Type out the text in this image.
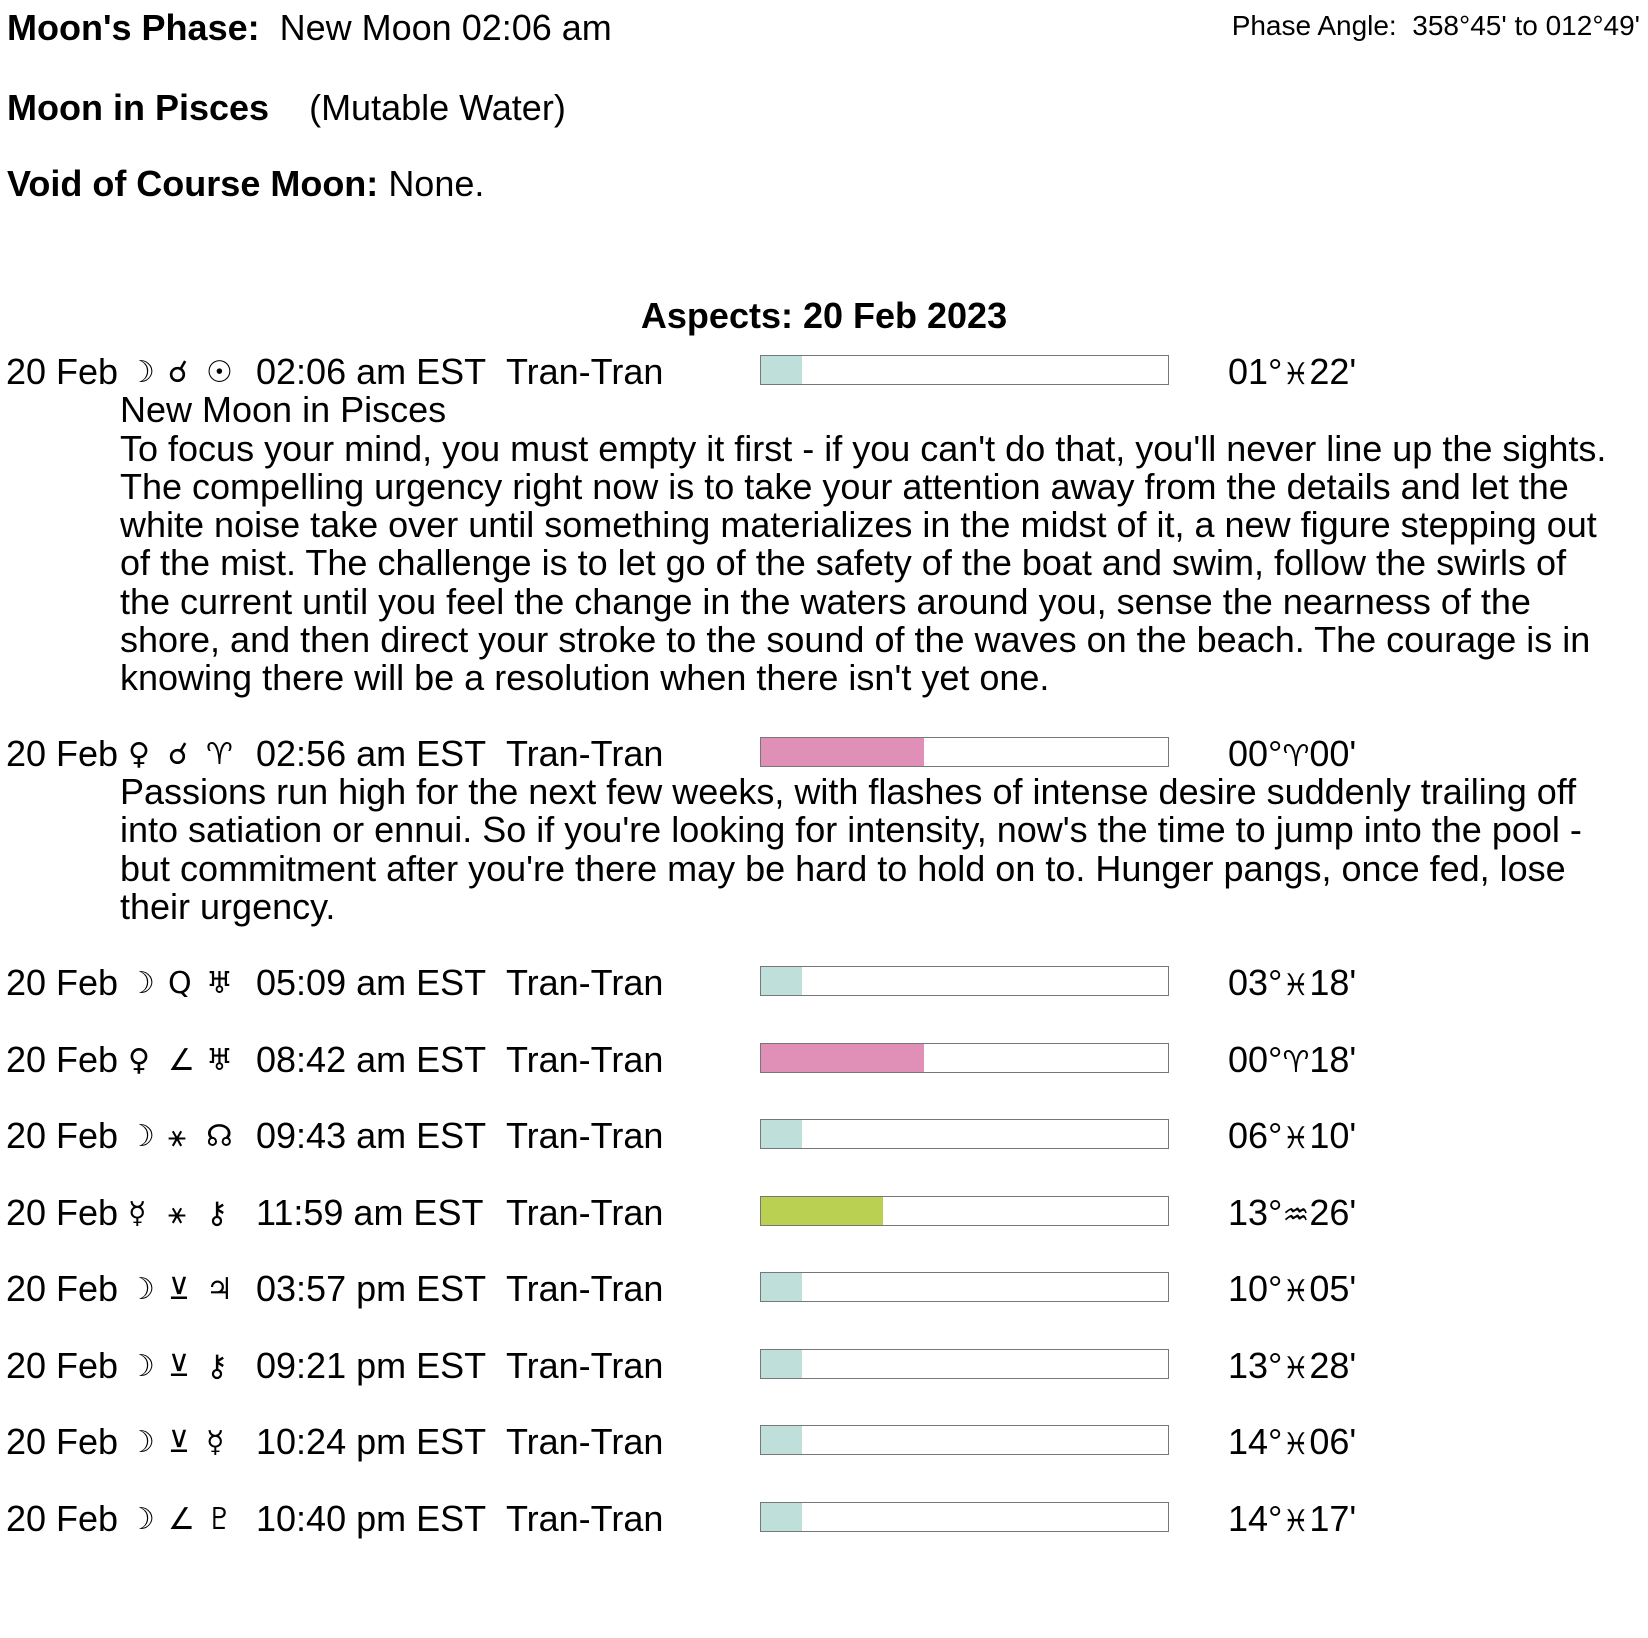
Moon's Phase: New Moon 02:06 am	Phase Angle: 358°45' to 012°49'
Moon in Pisces (Mutable Water)
Void of Course Moon: None.
Aspects: 20 Feb 2023
20 Feb ☽ ☌ ☉ 02:06 am EST Tran-Tran	01°♓22'
New Moon in Pisces
To focus your mind, you must empty it first - if you can't do that, you'll never line up the sights.
The compelling urgency right now is to take your attention away from the details and let the
white noise take over until something materializes in the midst of it, a new figure stepping out
of the mist. The challenge is to let go of the safety of the boat and swim, follow the swirls of
the current until you feel the change in the waters around you, sense the nearness of the
shore, and then direct your stroke to the sound of the waves on the beach. The courage is in
knowing there will be a resolution when there isn't yet one.
20 Feb ♀ ☌ ♈ 02:56 am EST Tran-Tran	00°♈00'
Passions run high for the next few weeks, with flashes of intense desire suddenly trailing off
into satiation or ennui. So if you're looking for intensity, now's the time to jump into the pool -
but commitment after you're there may be hard to hold on to. Hunger pangs, once fed, lose
their urgency.
20 Feb ☽ Q ♅ 05:09 am EST Tran-Tran	03°♓18'
20 Feb ♀ ∠ ♅ 08:42 am EST Tran-Tran	00°♈18'
20 Feb ☽ ⚹ ☊ 09:43 am EST Tran-Tran	06°♓10'
20 Feb ☿ ⚹ ⚷ 11:59 am EST Tran-Tran	13°♒26'
20 Feb ☽ ⊻ ♃ 03:57 pm EST Tran-Tran	10°♓05'
20 Feb ☽ ⊻ ⚷ 09:21 pm EST Tran-Tran	13°♓28'
20 Feb ☽ ⊻ ☿ 10:24 pm EST Tran-Tran	14°♓06'
20 Feb ☽ ∠ ♇ 10:40 pm EST Tran-Tran	14°♓17'
